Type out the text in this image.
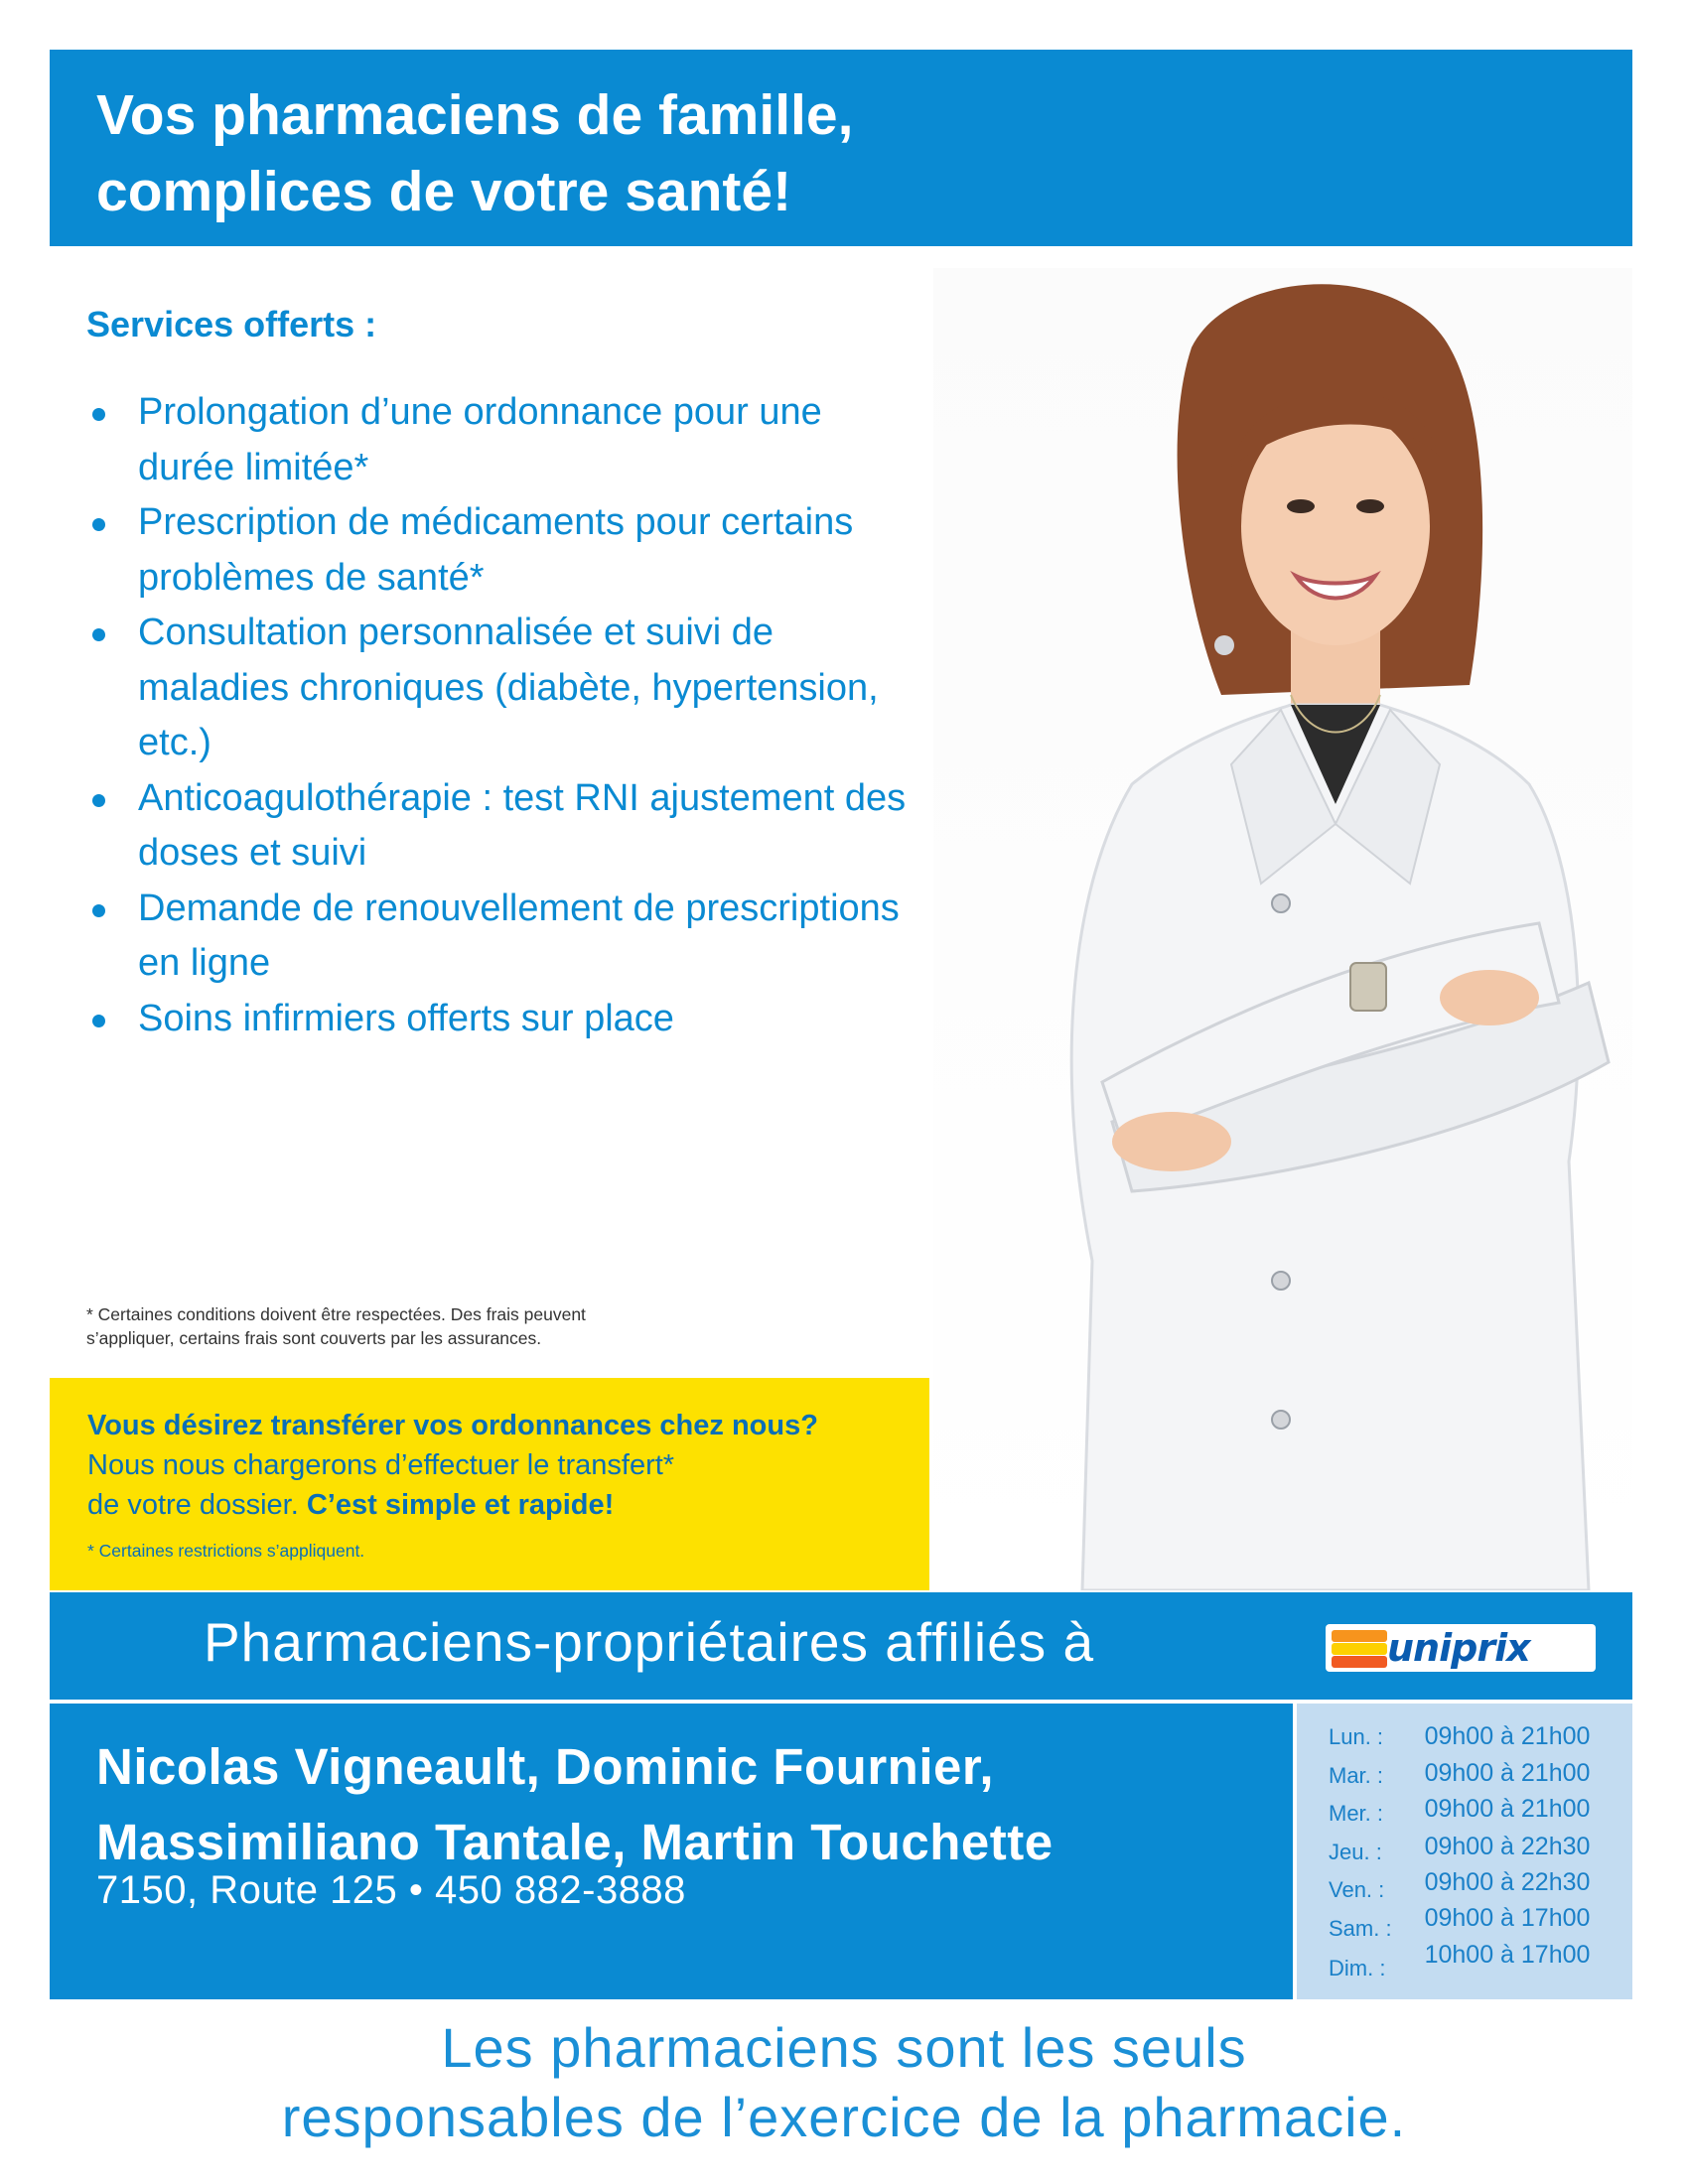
Vos pharmaciens de famille,
complices de votre santé!
Services offerts :
Prolongation d’une ordonnance pour une durée limitée*
Prescription de médicaments pour certains problèmes de santé*
Consultation personnalisée et suivi de maladies chroniques (diabète, hypertension, etc.)
Anticoagulothérapie : test RNI ajustement des doses et suivi
Demande de renouvellement de prescriptions en ligne
Soins infirmiers offerts sur place
* Certaines conditions doivent être respectées. Des frais peuvent
s’appliquer, certains frais sont couverts par les assurances.
Vous désirez transférer vos ordonnances chez nous?
Nous nous chargerons d’effectuer le transfert*
de votre dossier. C’est simple et rapide!
* Certaines restrictions s’appliquent.
Pharmaciens-propriétaires affiliés à	uniprix
Nicolas Vigneault, Dominic Fournier,
Massimiliano Tantale, Martin Touchette
7150, Route 125 • 450 882-3888
Lun. :	09h00 à 21h00
Mar. :	09h00 à 21h00
Mer. :	09h00 à 21h00
Jeu. :	09h00 à 22h30
Ven. :	09h00 à 22h30
Sam. :	09h00 à 17h00
Dim. :	10h00 à 17h00
Les pharmaciens sont les seuls
responsables de l’exercice de la pharmacie.
